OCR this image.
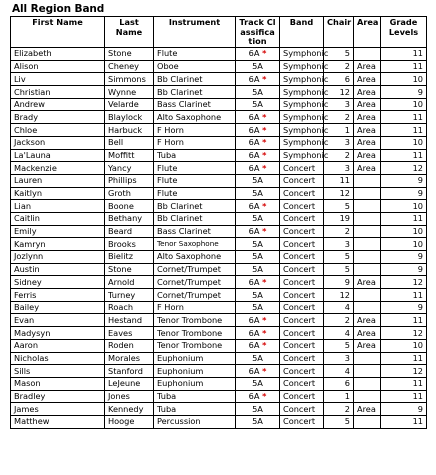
All Region Band
First Name	Last Name	Instrument	Track Classification	Band	Chair	Area	Grade Levels
Elizabeth	Stone	Flute	6A *	Symphonic	5		11
Alison	Cheney	Oboe	5A	Symphonic	2	Area	11
Liv	Simmons	Bb Clarinet	6A *	Symphonic	6	Area	10
Christian	Wynne	Bb Clarinet	5A	Symphonic	12	Area	9
Andrew	Velarde	Bass Clarinet	5A	Symphonic	3	Area	10
Brady	Blaylock	Alto Saxophone	6A *	Symphonic	2	Area	11
Chloe	Harbuck	F Horn	6A *	Symphonic	1	Area	11
Jackson	Bell	F Horn	6A *	Symphonic	3	Area	10
La'Launa	Moffitt	Tuba	6A *	Symphonic	2	Area	11
Mackenzie	Yancy	Flute	6A *	Concert	3	Area	12
Lauren	Phillips	Flute	5A	Concert	11		9
Kaitlyn	Groth	Flute	5A	Concert	12		9
Lian	Boone	Bb Clarinet	6A *	Concert	5		10
Caitlin	Bethany	Bb Clarinet	5A	Concert	19		11
Emily	Beard	Bass Clarinet	6A *	Concert	2		10
Kamryn	Brooks	Tenor Saxophone	5A	Concert	3		10
Jozlynn	Bielitz	Alto Saxophone	5A	Concert	5		9
Austin	Stone	Cornet/Trumpet	5A	Concert	5		9
Sidney	Arnold	Cornet/Trumpet	6A *	Concert	9	Area	12
Ferris	Turney	Cornet/Trumpet	5A	Concert	12		11
Bailey	Roach	F Horn	5A	Concert	4		9
Evan	Hestand	Tenor Trombone	6A *	Concert	2	Area	11
Madysyn	Eaves	Tenor Trombone	6A *	Concert	4	Area	12
Aaron	Roden	Tenor Trombone	6A *	Concert	5	Area	10
Nicholas	Morales	Euphonium	5A	Concert	3		11
Sills	Stanford	Euphonium	6A *	Concert	4		12
Mason	LeJeune	Euphonium	5A	Concert	6		11
Bradley	Jones	Tuba	6A *	Concert	1		11
James	Kennedy	Tuba	5A	Concert	2	Area	9
Matthew	Hooge	Percussion	5A	Concert	5		11
